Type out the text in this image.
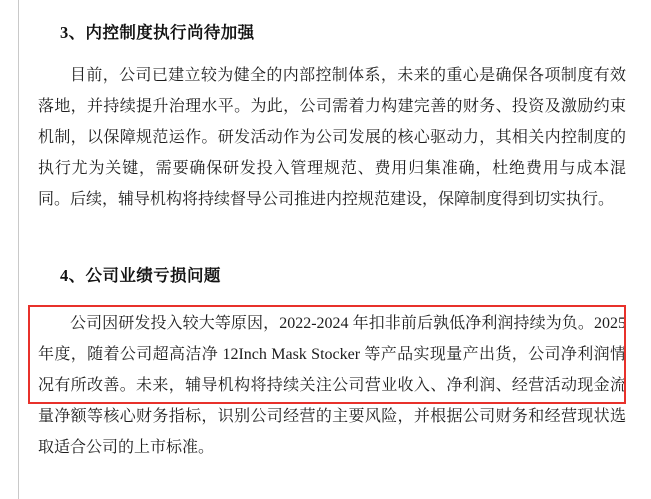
3、内控制度执行尚待加强

目前，公司已建立较为健全的内部控制体系，未来的重心是确保各项制度有效落地，并持续提升治理水平。为此，公司需着力构建完善的财务、投资及激励约束机制，以保障规范运作。研发活动作为公司发展的核心驱动力，其相关内控制度的执行尤为关键，需要确保研发投入管理规范、费用归集准确，杜绝费用与成本混同。后续，辅导机构将持续督导公司推进内控规范建设，保障制度得到切实执行。

4、公司业绩亏损问题

公司因研发投入较大等原因，2022-2024 年扣非前后孰低净利润持续为负。2025 年度，随着公司超高洁净 12Inch Mask Stocker 等产品实现量产出货，公司净利润情况有所改善。未来，辅导机构将持续关注公司营业收入、净利润、经营活动现金流量净额等核心财务指标，识别公司经营的主要风险，并根据公司财务和经营现状选取适合公司的上市标准。
